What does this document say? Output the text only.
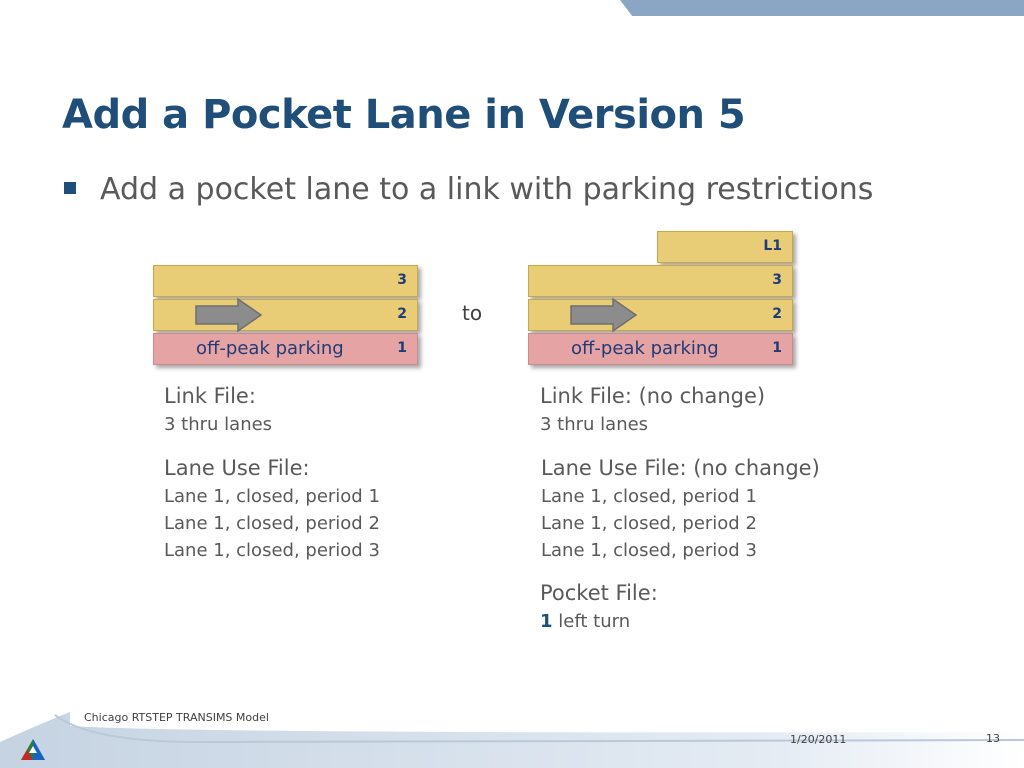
Add a Pocket Lane in Version 5
Add a pocket lane to a link with parking restrictions
3
2
off-peak parking	1
to
L1
3
2
off-peak parking	1
Link File:
3 thru lanes
Lane Use File:
Lane 1, closed, period 1
Lane 1, closed, period 2
Lane 1, closed, period 3
Link File: (no change)
3 thru lanes
Lane Use File: (no change)
Lane 1, closed, period 1
Lane 1, closed, period 2
Lane 1, closed, period 3
Pocket File:
1 left turn
Chicago RTSTEP TRANSIMS Model
1/20/2011	13
